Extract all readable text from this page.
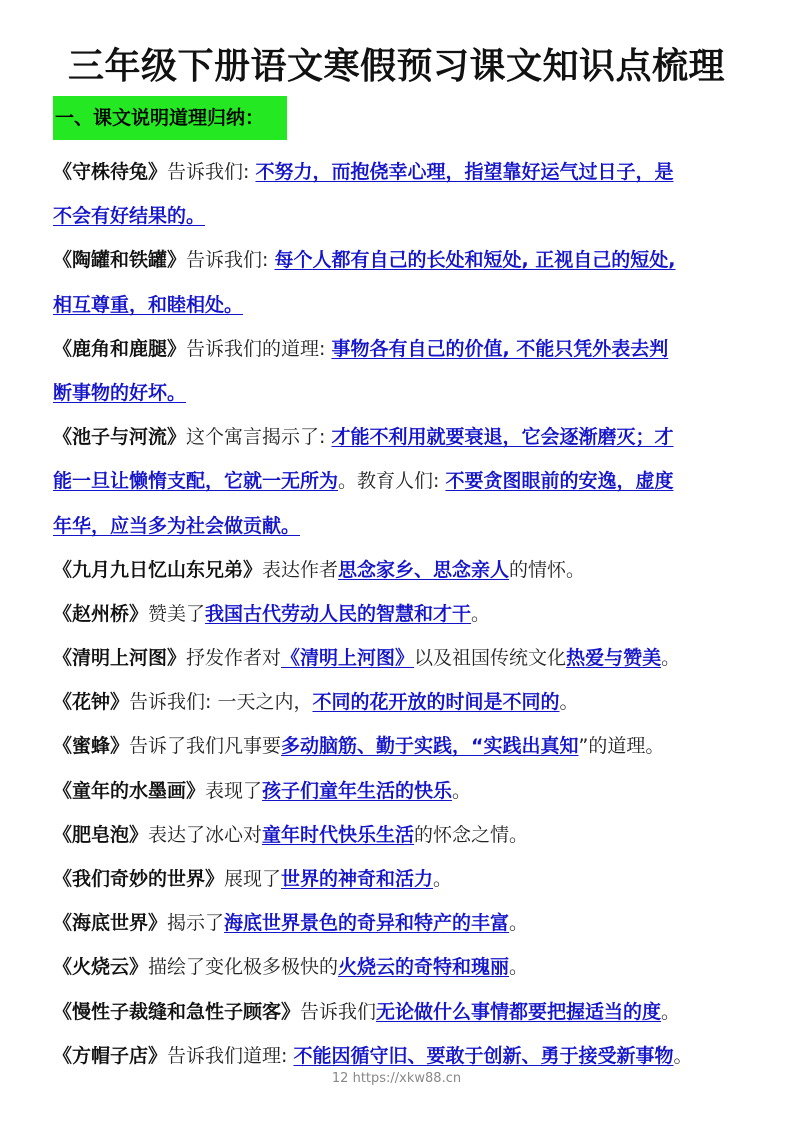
三年级下册语文寒假预习课文知识点梳理
一、课文说明道理归纳：
《守株待兔》告诉我们: 不努力，而抱侥幸心理，指望靠好运气过日子，是
不会有好结果的。
《陶罐和铁罐》告诉我们: 每个人都有自己的长处和短处, 正视自己的短处,
相互尊重，和睦相处。
《鹿角和鹿腿》告诉我们的道理: 事物各有自己的价值, 不能只凭外表去判
断事物的好坏。
《池子与河流》这个寓言揭示了: 才能不利用就要衰退，它会逐渐磨灭；才
能一旦让懒惰支配，它就一无所为。教育人们: 不要贪图眼前的安逸，虚度
年华，应当多为社会做贡献。
《九月九日忆山东兄弟》表达作者思念家乡、思念亲人的情怀。
《赵州桥》赞美了我国古代劳动人民的智慧和才干。
《清明上河图》抒发作者对《清明上河图》以及祖国传统文化热爱与赞美。
《花钟》告诉我们: 一天之内，不同的花开放的时间是不同的。
《蜜蜂》告诉了我们凡事要多动脑筋、勤于实践，“实践出真知”的道理。
《童年的水墨画》表现了孩子们童年生活的快乐。
《肥皂泡》表达了冰心对童年时代快乐生活的怀念之情。
《我们奇妙的世界》展现了世界的神奇和活力。
《海底世界》揭示了海底世界景色的奇异和特产的丰富。
《火烧云》描绘了变化极多极快的火烧云的奇特和瑰丽。
《慢性子裁缝和急性子顾客》告诉我们无论做什么事情都要把握适当的度。
《方帽子店》告诉我们道理: 不能因循守旧、要敢于创新、勇于接受新事物。
12 https://xkw88.cn
